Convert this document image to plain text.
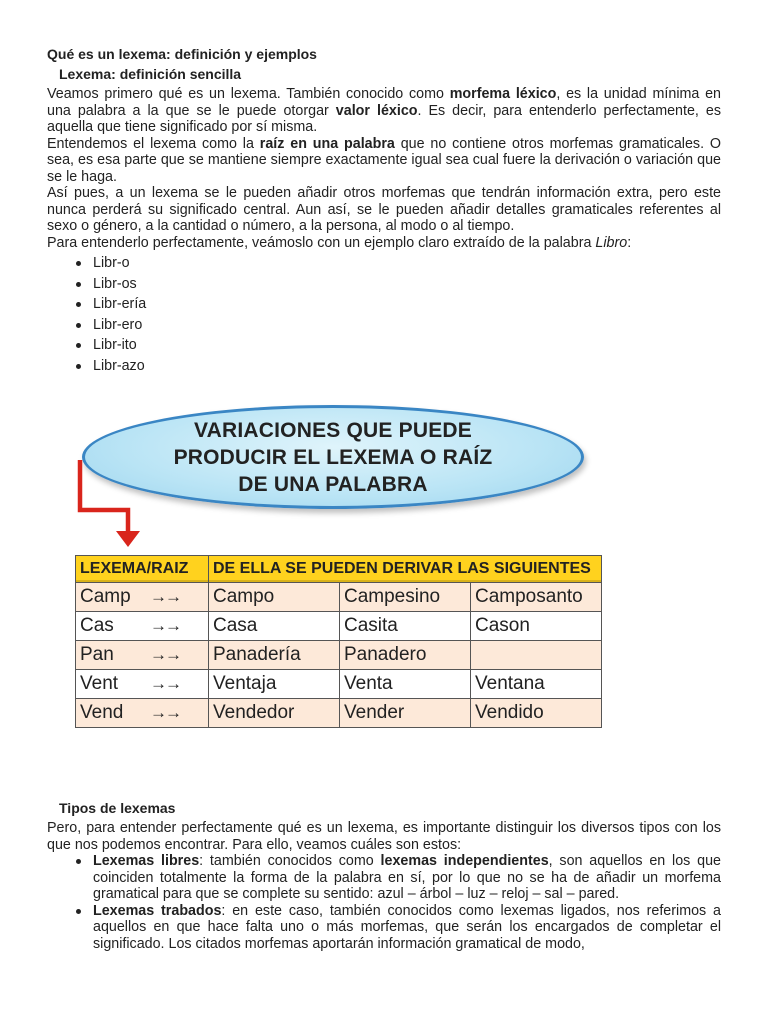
Qué es un lexema: definición y ejemplos
Lexema: definición sencilla

Veamos primero qué es un lexema. También conocido como morfema léxico, es la unidad mínima en una palabra a la que se le puede otorgar valor léxico. Es decir, para entenderlo perfectamente, es aquella que tiene significado por sí misma.

Entendemos el lexema como la raíz en una palabra que no contiene otros morfemas gramaticales. O sea, es esa parte que se mantiene siempre exactamente igual sea cual fuere la derivación o variación que se le haga.

Así pues, a un lexema se le pueden añadir otros morfemas que tendrán información extra, pero este nunca perderá su significado central. Aun así, se le pueden añadir detalles gramaticales referentes al sexo o género, a la cantidad o número, a la persona, al modo o al tiempo.

Para entenderlo perfectamente, veámoslo con un ejemplo claro extraído de la palabra Libro:

Libr-o
Libr-os
Libr-ería
Libr-ero
Libr-ito
Libr-azo
VARIACIONES QUE PUEDE
PRODUCIR EL LEXEMA O RAÍZ
DE UNA PALABRA
LEXEMA/RAIZ	DE ELLA SE PUEDEN DERIVAR LAS SIGUIENTES		
Camp →→	Campo	Campesino	Camposanto
Cas →→	Casa	Casita	Cason
Pan →→	Panadería	Panadero	
Vent →→	Ventaja	Venta	Ventana
Vend →→	Vendedor	Vender	Vendido
Tipos de lexemas

Pero, para entender perfectamente qué es un lexema, es importante distinguir los diversos tipos con los que nos podemos encontrar. Para ello, veamos cuáles son estos:

Lexemas libres: también conocidos como lexemas independientes, son aquellos en los que coinciden totalmente la forma de la palabra en sí, por lo que no se ha de añadir un morfema gramatical para que se complete su sentido: azul – árbol – luz – reloj – sal – pared.
Lexemas trabados: en este caso, también conocidos como lexemas ligados, nos referimos a aquellos en que hace falta uno o más morfemas, que serán los encargados de completar el significado. Los citados morfemas aportarán información gramatical de modo,
